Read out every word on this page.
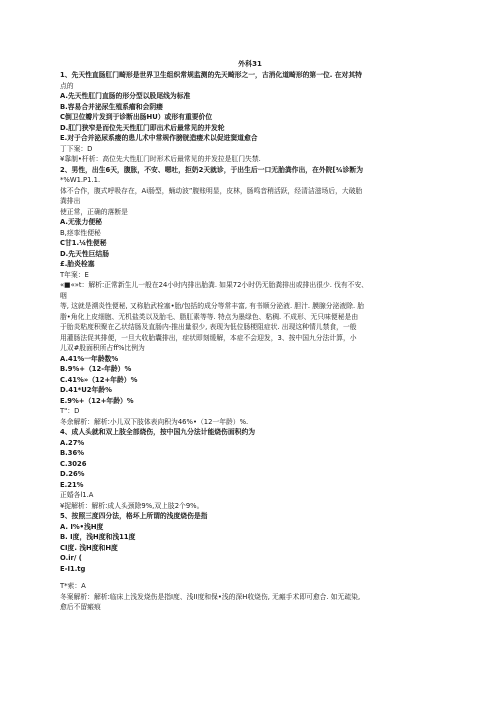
外科31
1、先天性直肠肛门畸形是世界卫生组织常规监测的先天畸形之一，古消化道畸形的第一位. 在对其特
点的
A.先天性肛门直肠的形分型以股尾线为标准
B.容易合并泌尿生殖系瘤和会阴瘘
C倒卫位瓣片发到于诊断出肠HU）或形有重要价位
D.肛门狭窄是而位先天性肛门即出术后最常见的并发轮
E.对于合并泌尿系瘘的患儿术中常规作膀胱造瘘术以促进窦道愈合
丁下案：D
¥靠制•杆析：高位先大性肛门时形术后最常见的并发拉是肛门失禁.
2、男性，出生6天，腹胀，不安、嗯吐，拒奶2天就诊，于出生后一口无胎粪作出，在外院[¾诊断为
*%W1.P1.1.
体不合作，腹式呼吸存在，Ai肠型，蛹动波”腹账明显，皮林，肠鸣音稍活跃，经清洁滋场后，大破胎
粪排出
使正常，正确的落断是
A.无张力便秘
B,痉挛性便秘
C甘1.¼性便秘
D.先天性巨结肠
£.胎炎栓塞
T年案：E
«■«»t：解析:正常新生儿一般在24小时内排出胎粪. 如果72小时仍无胎粪排出或排出很少. 伐有不安、
咽
等, 这就是溯炎性便秘, 又称胎武栓塞•胎/包括的成分等常丰富, 有书顺分泌液. 胆汁. 膜腺分泌液除. 胎
脂•角化上皮细胞、无机盐类以及胎毛、脂肛素等等. 特点为墨绿色、粘稠. 不成形、无只味便秘是由
于胎炎粘度积聚在乙状结肠及直肠内-推出量很少, 表现为低位肠梗阻症状. 出现这种情儿禁食，一般
用灌肠法促其排便，一旦大收胎囊排出，症状即刻缓解，本症不会迎发，3、按中国九分法计算，小
儿双#股面积所占ff%比例为
A.41%一年龄数%
B.9%+（12-年龄）%
C.41%»（12+年龄）%
D.41*U2年龄%
E.9%+（12+年龄）%
T"：D
冬余解析：解析:小儿双下肢体表向积为46%•（12一年龄）%.
4、成人头就和双上肢全部烧伤，按中国九分法计能烧伤面积约为
A.27%
B.36%
C.3026
D.26%
E.21%
正婚各l1.A
¥捉解析：解析:成人头颈除9%,双上肢2个9%。
5、按照三度四分法，格坏上所谓的浅度烧伤是指
A. I%•浅H度
B. I度，浅H度和浅11度
CI度. 浅H度和H度
O.ir/ (
E-I1.tg
T*索：A
冬案解析：解析:临床上浅发烧伤是指I度、浅II度和保•浅的深H收烧伤, 无瘢手术即可愈合. 如无疏染,
愈后不留瘢痕
